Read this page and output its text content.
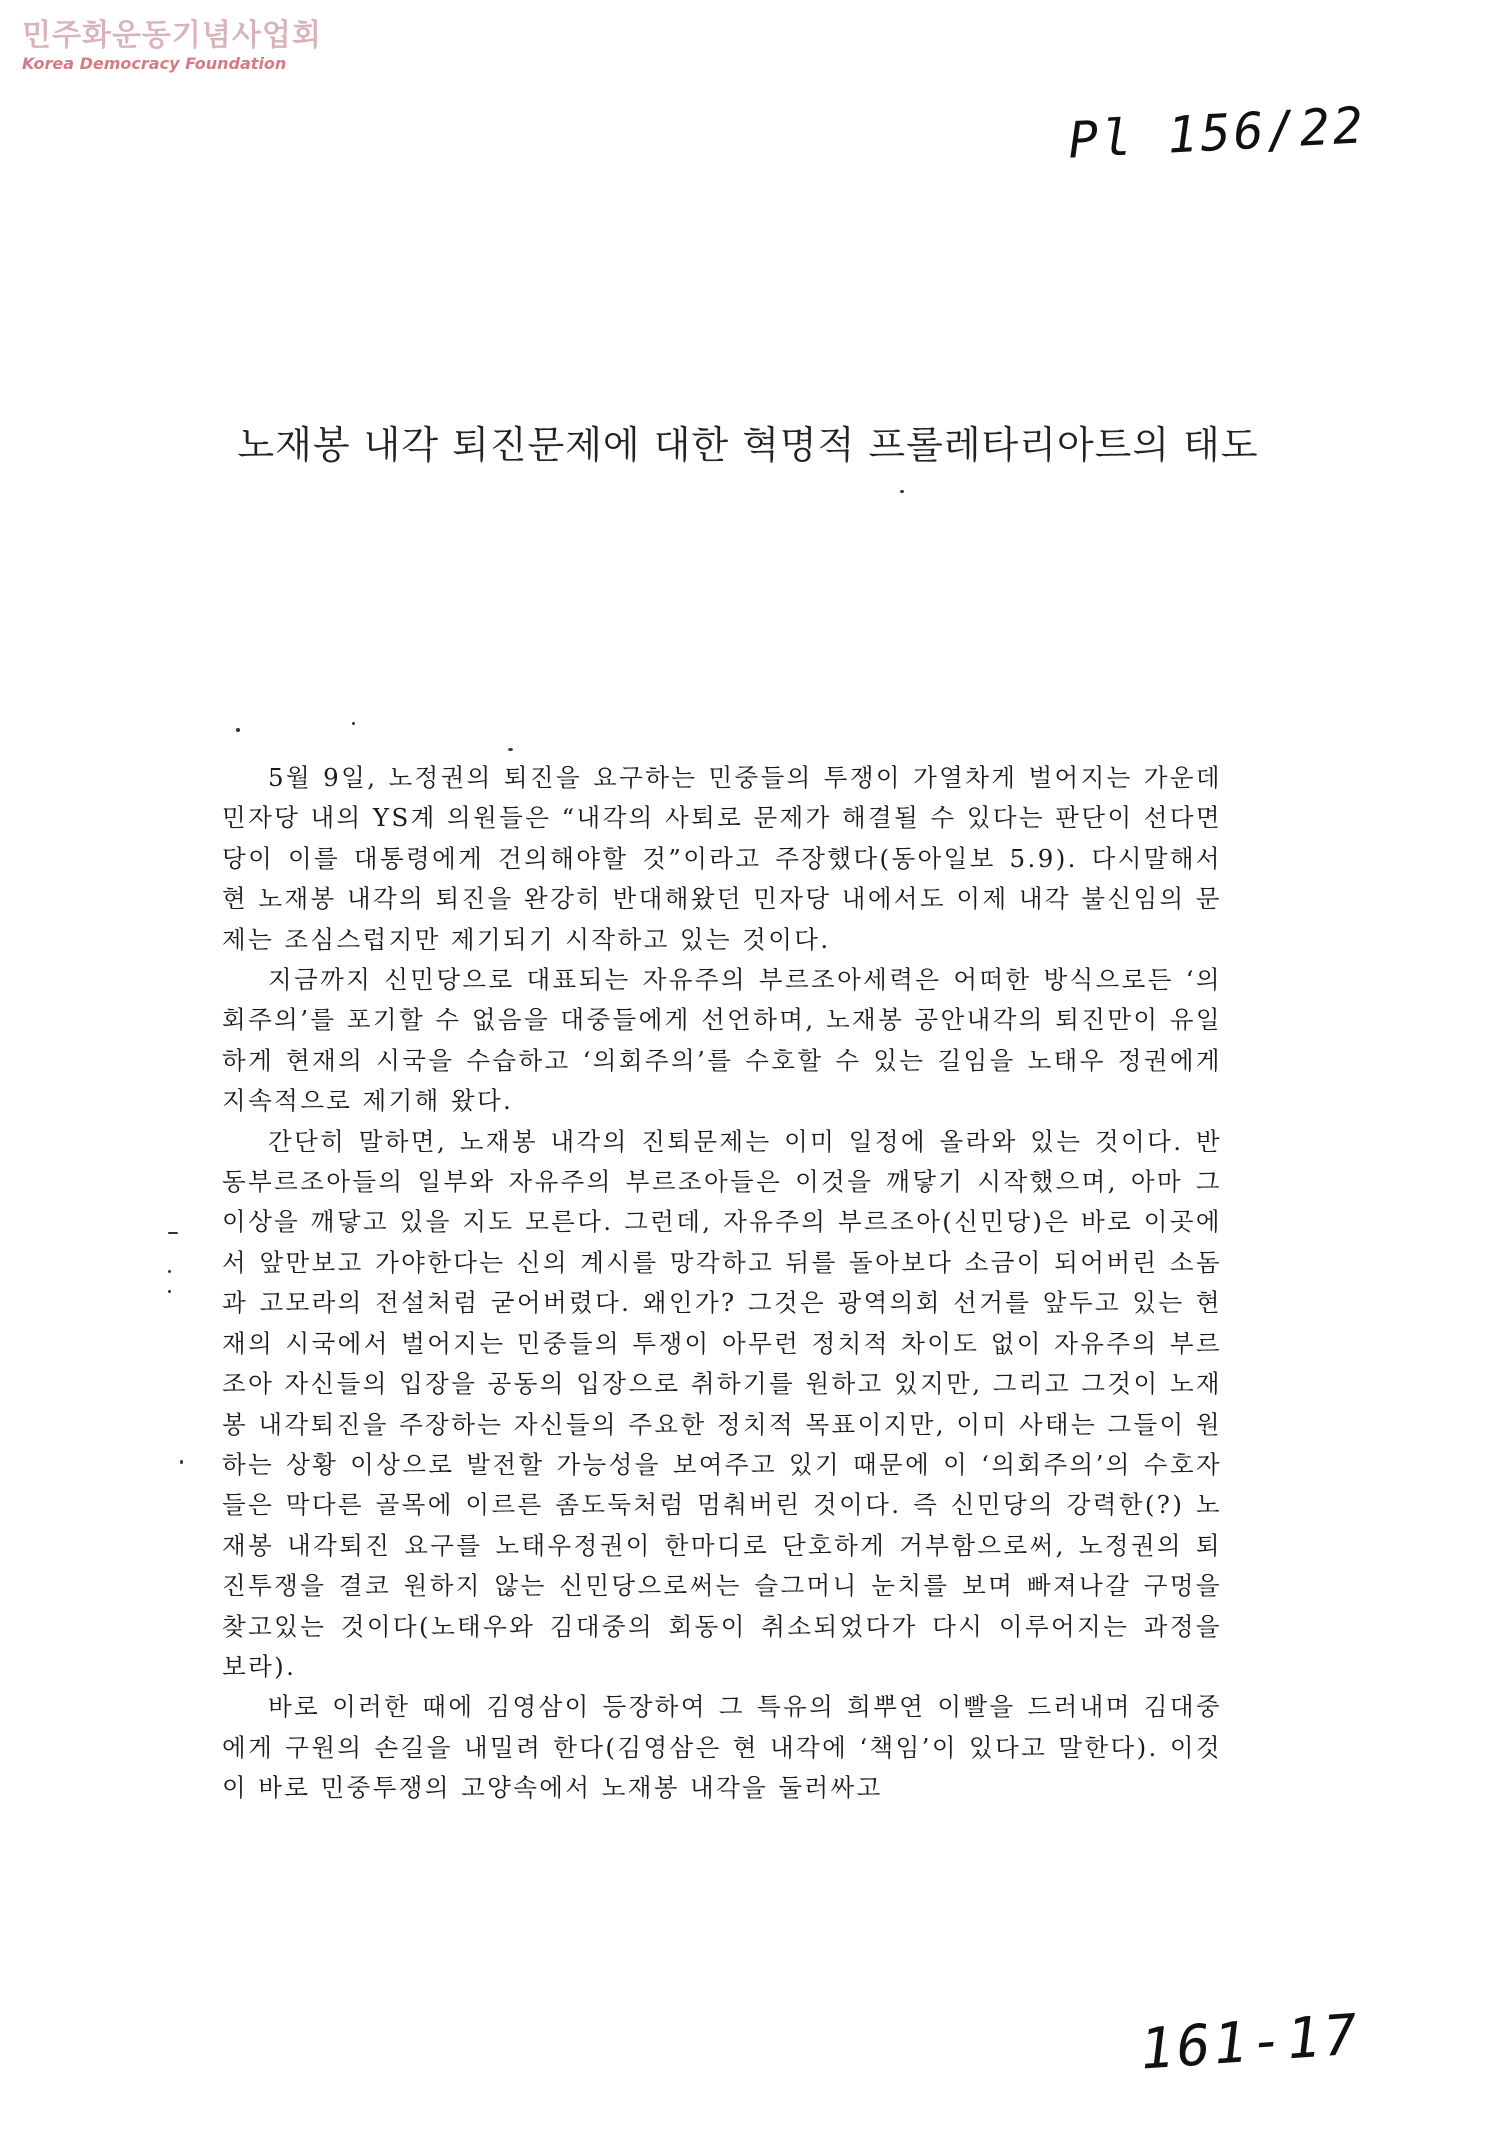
민주화운동기념사업회
Korea Democracy Foundation
Pl 156/22
노재봉 내각 퇴진문제에 대한 혁명적 프롤레타리아트의 태도

5월 9일, 노정권의 퇴진을 요구하는 민중들의 투쟁이 가열차게 벌어지는 가운데 민자당 내의 YS계 의원들은 “내각의 사퇴로 문제가 해결될 수 있다는 판단이 선다면 당이 이를 대통령에게 건의해야할 것”이라고 주장했다(동아일보 5.9). 다시말해서 현 노재봉 내각의 퇴진을 완강히 반대해왔던 민자당 내에서도 이제 내각 불신임의 문제는 조심스럽지만 제기되기 시작하고 있는 것이다.

지금까지 신민당으로 대표되는 자유주의 부르조아세력은 어떠한 방식으로든 ‘의회주의’를 포기할 수 없음을 대중들에게 선언하며, 노재봉 공안내각의 퇴진만이 유일하게 현재의 시국을 수습하고 ‘의회주의’를 수호할 수 있는 길임을 노태우 정권에게 지속적으로 제기해 왔다.

간단히 말하면, 노재봉 내각의 진퇴문제는 이미 일정에 올라와 있는 것이다. 반동부르조아들의 일부와 자유주의 부르조아들은 이것을 깨닿기 시작했으며, 아마 그 이상을 깨닿고 있을 지도 모른다. 그런데, 자유주의 부르조아(신민당)은 바로 이곳에서 앞만보고 가야한다는 신의 계시를 망각하고 뒤를 돌아보다 소금이 되어버린 소돔과 고모라의 전설처럼 굳어버렸다. 왜인가? 그것은 광역의회 선거를 앞두고 있는 현재의 시국에서 벌어지는 민중들의 투쟁이 아무런 정치적 차이도 없이 자유주의 부르조아 자신들의 입장을 공동의 입장으로 취하기를 원하고 있지만, 그리고 그것이 노재봉 내각퇴진을 주장하는 자신들의 주요한 정치적 목표이지만, 이미 사태는 그들이 원하는 상황 이상으로 발전할 가능성을 보여주고 있기 때문에 이 ‘의회주의’의 수호자들은 막다른 골목에 이르른 좀도둑처럼 멈춰버린 것이다. 즉 신민당의 강력한(?) 노재봉 내각퇴진 요구를 노태우정권이 한마디로 단호하게 거부함으로써, 노정권의 퇴진투쟁을 결코 원하지 않는 신민당으로써는 슬그머니 눈치를 보며 빠져나갈 구멍을 찾고있는 것이다(노태우와 김대중의 회동이 취소되었다가 다시 이루어지는 과정을 보라).

바로 이러한 때에 김영삼이 등장하여 그 특유의 희뿌연 이빨을 드러내며 김대중에게 구원의 손길을 내밀려 한다(김영삼은 현 내각에 ‘책임’이 있다고 말한다). 이것이 바로 민중투쟁의 고양속에서 노재봉 내각을 둘러싸고

161-17
